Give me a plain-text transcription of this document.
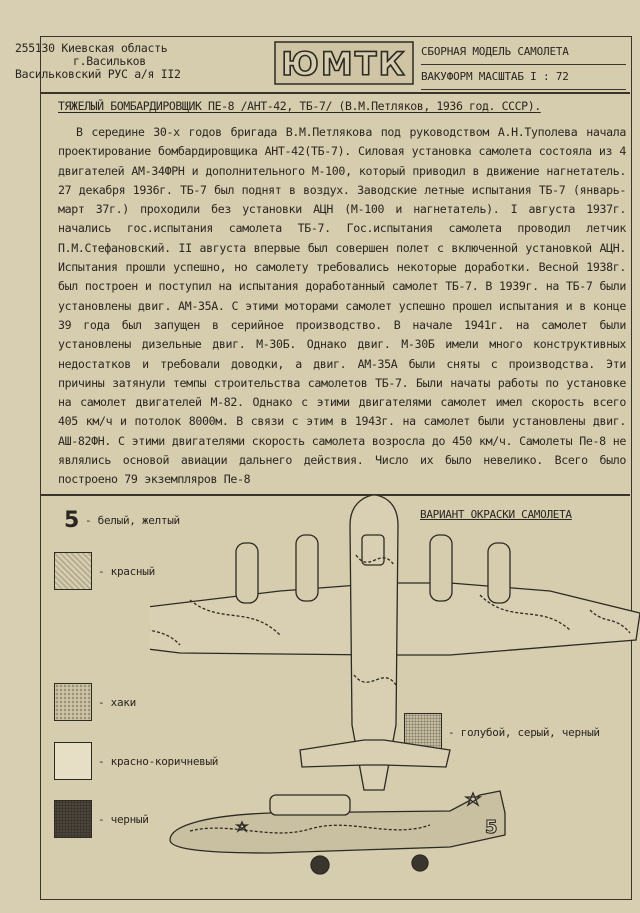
255130 Киевская область
г.Васильков
Васильковский РУС а/я II2	ЮМТК СБОРНАЯ МОДЕЛЬ САМОЛЕТА
ВАКУФОРМ МАСШТАБ I : 72
ТЯЖЕЛЫЙ БОМБАРДИРОВЩИК ПЕ-8 /АНТ-42, ТБ-7/ (В.М.Петляков, 1936 год. СССР).
В середине 30-х годов бригада В.М.Петлякова под руководством А.Н.Туполева начала проектирование бомбардировщика АНТ-42(ТБ-7). Силовая установка самолета состояла из 4 двигателей АМ-34ФРН и дополнительного М-100, который приводил в движение нагнетатель. 27 декабря 1936г. ТБ-7 был поднят в воздух. Заводские летные испытания ТБ-7 (январь-март 37г.) проходили без установки АЦН (М-100 и нагнетатель). I августа 1937г. начались гос.испытания самолета ТБ-7. Гос.испытания самолета проводил летчик П.М.Стефановский. II августа впервые был совершен полет с включенной установкой АЦН. Испытания прошли успешно, но самолету требовались некоторые доработки. Весной 1938г. был построен и поступил на испытания доработанный самолет ТБ-7. В 1939г. на ТБ-7 были установлены двиг. АМ-35А. С этими моторами самолет успешно прошел испытания и в конце 39 года был запущен в серийное производство. В начале 1941г. на самолет были установлены дизельные двиг. М-30Б. Однако двиг. М-30Б имели много конструктивных недостатков и требовали доводки, а двиг. АМ-35А были сняты с производства. Эти причины затянули темпы строительства самолетов ТБ-7. Были начаты работы по установке на самолет двигателей М-82. Однако с этими двигателями самолет имел скорость всего 405 км/ч и потолок 8000м. В связи с этим в 1943г. на самолет были установлены двиг. АШ-82ФН. С этими двигателями скорость самолета возросла до 450 км/ч. Самолеты Пе-8 не являлись основой авиации дальнего действия. Число их было невелико. Всего было построено 79 экземпляров Пе-8
ВАРИАНТ ОКРАСКИ САМОЛЕТА
5 - белый, желтый
- красный
- хаки
- красно-коричневый
- черный
- голубой, серый, черный
5
